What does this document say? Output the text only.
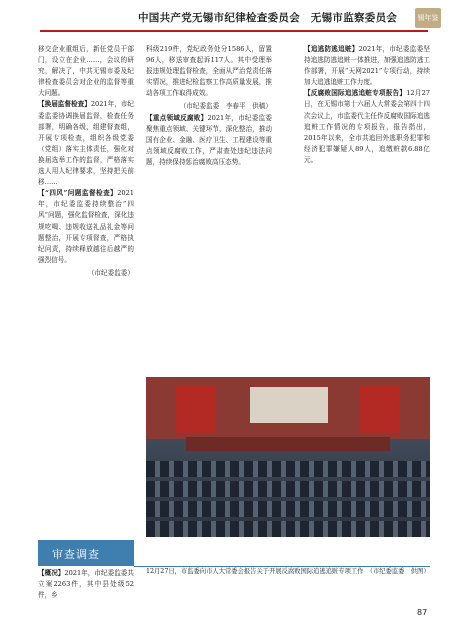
中国共产党无锡市纪律检查委员会　无锡市监察委员会	锡年鉴

移交企业重组后，新任党员干部门，设立在企业……，会议的研究，解决了，中共无锡市委及纪律检查委员会对企业的监督等重大问题。

【换届监督检查】2021年，市纪委监委协调换届监督，检查任务部署，明确各级，组建督查组，开展专项检查，组织各级党委（党组）落实主体责任，强化对换届选举工作的监督，严格落实选人用人纪律要求，坚持把关前移……

【“四风”问题监督检查】2021年，市纪委监委持续整治“四风”问题，强化监督检查，深化违规吃喝、违规收送礼品礼金等问题整治，开展专项督查，严格执纪问责，持续释放越往后越严的强烈信号。

（市纪委监委）

科级219件，党纪政务处分1586人，留置96人，移送审查起诉117人。其中受理举报违规处理监督检查，全面从严治党责任落实情况，推进纪检监察工作高质量发展，推动各项工作取得成效。

（市纪委监委　李春平　供稿）

【重点领域反腐败】2021年，市纪委监委聚焦重点领域、关键环节，深化整治，推动国有企业、金融、医疗卫生、工程建设等重点领域反腐败工作，严肃查处违纪违法问题，持续保持惩治腐败高压态势。

【追逃防逃追赃】2021年，市纪委监委坚持追逃防逃追赃一体推进，加强追逃防逃工作部署，开展“天网2021”专项行动，持续加大追逃追赃工作力度。

【反腐败国际追逃追赃专项报告】12月27日，在无锡市第十六届人大常委会第四十四次会议上，市监委代主任作反腐败国际追逃追赃工作情况的专项报告，报告指出，2015年以来，全市共追回外逃职务犯罪和经济犯罪嫌疑人89人，追缴赃款6.88亿元。

审查调查

【概况】2021年，市纪委监委共立案2263件，其中县处级52件，乡

12月27日，市监委向市人大常委会报告关于开展反腐败国际追逃追赃专项工作　（市纪委监委　供图）
87
